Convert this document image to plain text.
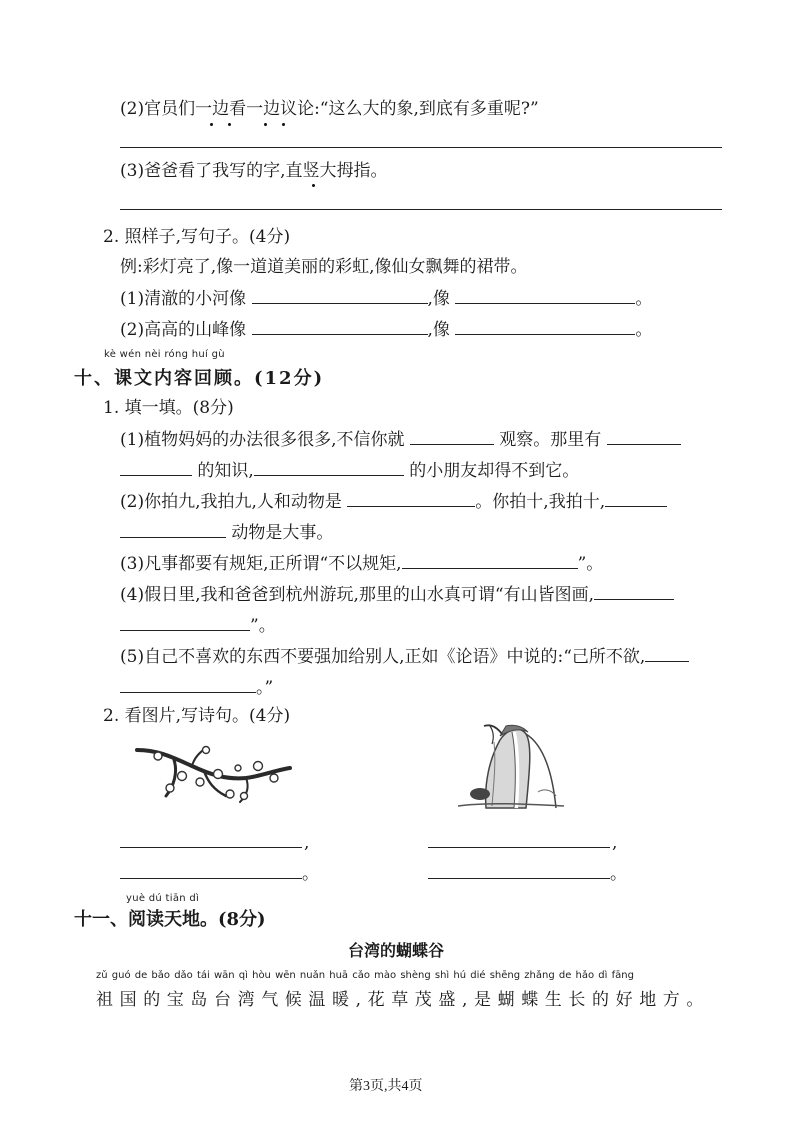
(2)官员们一边看一边议论:“这么大的象,到底有多重呢?”
(3)爸爸看了我写的字,直竖大拇指。
2. 照样子,写句子。(4分)
例:彩灯亮了,像一道道美丽的彩虹,像仙女飘舞的裙带。
(1)清澈的小河像	,像	。
(2)高高的山峰像	,像	。
kè wén nèi róng huí gù
十、课文内容回顾。(12分)
1. 填一填。(8分)
(1)植物妈妈的办法很多很多,不信你就	观察。那里有
的知识,	的小朋友却得不到它。
(2)你拍九,我拍九,人和动物是	。你拍十,我拍十,
动物是大事。
(3)凡事都要有规矩,正所谓“不以规矩,	”。
(4)假日里,我和爸爸到杭州游玩,那里的山水真可谓“有山皆图画,
”。
(5)自己不喜欢的东西不要强加给别人,正如《论语》中说的:“己所不欲,
。”
2. 看图片,写诗句。(4分)
,
。
,
。
yuè dú tiān dì
十一、阅读天地。(8分)
台湾的蝴蝶谷
zǔ guó de bǎo dǎo tái wān qì hòu wēn nuǎn huā cǎo mào shèng shì hú dié shēng zhǎng de hǎo dì fāng
祖国的宝岛台湾气候温暖,花草茂盛,是蝴蝶生长的好地方。
第3页,共4页
